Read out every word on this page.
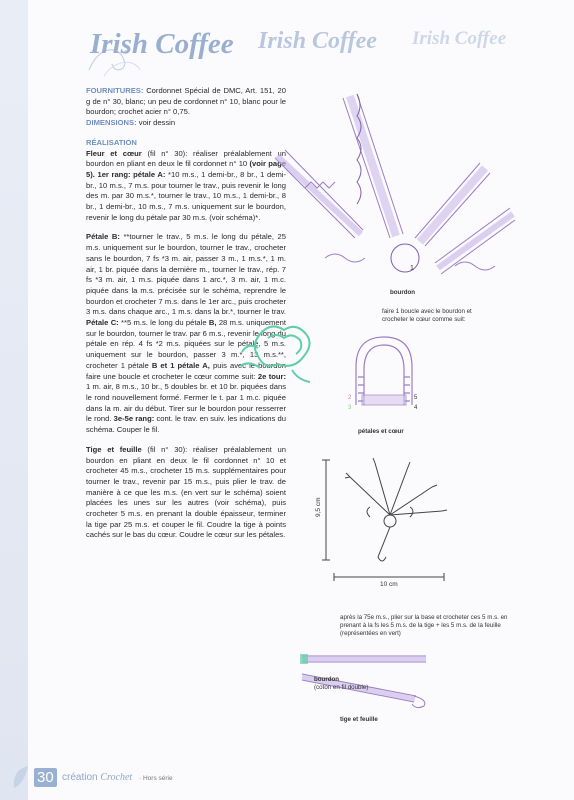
Irish Coffee Irish Coffee Irish Coffee

FOURNITURES: Cordonnet Spécial de DMC, Art. 151, 20 g de n° 30, blanc; un peu de cordonnet n° 10, blanc pour le bourdon; crochet acier n° 0,75.
DIMENSIONS: voir dessin

RÉALISATION

Fleur et cœur (fil n° 30): réaliser préalablement un bourdon en pliant en deux le fil cordonnet n° 10 (voir page 5). 1er rang: pétale A: *10 m.s., 1 demi-br., 8 br., 1 demi-br., 10 m.s., 7 m.s. pour tourner le trav., puis revenir le long des m. par 30 m.s.*, tourner le trav., 10 m.s., 1 demi-br., 8 br., 1 demi-br., 10 m.s., 7 m.s. uniquement sur le bourdon, revenir le long du pétale par 30 m.s. (voir schéma)*.

Pétale B: **tourner le trav., 5 m.s. le long du pétale, 25 m.s. uniquement sur le bourdon, tourner le trav., crocheter sans le bourdon, 7 fs *3 m. air, passer 3 m., 1 m.s.*, 1 m. air, 1 br. piquée dans la dernière m., tourner le trav., rép. 7 fs *3 m. air, 1 m.s. piquée dans 1 arc.*, 3 m. air, 1 m.c. piquée dans la m.s. précisée sur le schéma, reprendre le bourdon et crocheter 7 m.s. dans le 1er arc., puis crocheter 3 m.s. dans chaque arc., 1 m.s. dans la br.*, tourner le trav. Pétale C: **5 m.s. le long du pétale B, 28 m.s. uniquement sur le bourdon, tourner le trav. par 6 m.s., revenir le long du pétale en rép. 4 fs *2 m.s. piquées sur le pétale, 5 m.s. uniquement sur le bourdon, passer 3 m.*, 13 m.s.**, crocheter 1 pétale B et 1 pétale A, puis avec le bourdon faire une boucle et crocheter le cœur comme suit: 2e tour: 1 m. air, 8 m.s., 10 br., 5 doubles br. et 10 br. piquées dans le rond nouvellement formé. Fermer le t. par 1 m.c. piquée dans la m. air du début. Tirer sur le bourdon pour resserrer le rond. 3e-5e rang: cont. le trav. en suiv. les indications du schéma. Couper le fil.

Tige et feuille (fil n° 30): réaliser préalablement un bourdon en pliant en deux le fil cordonnet n° 10 et crocheter 45 m.s., crocheter 15 m.s. supplémentaires pour tourner le trav., revenir par 15 m.s., puis plier le trav. de manière à ce que les m.s. (en vert sur le schéma) soient placées les unes sur les autres (voir schéma), puis crocheter 5 m.s. en prenant la double épaisseur, terminer la tige par 25 m.s. et couper le fil. Coudre la tige à points cachés sur le bas du cœur. Coudre le cœur sur les pétales.

1
bourdon
faire 1 boucle avec le bourdon et crocheter le cœur comme suit:
2
3	4
5
pétales et cœur
10 cm
9,5 cm
après la 75e m.s., plier sur la base et crocheter ces 5 m.s. en prenant à la fs les 5 m.s. de la tige + les 5 m.s. de la feuille (représentées en vert)
bourdon
(coton en fil double)
tige et feuille
30 création Crochet · Hors série
